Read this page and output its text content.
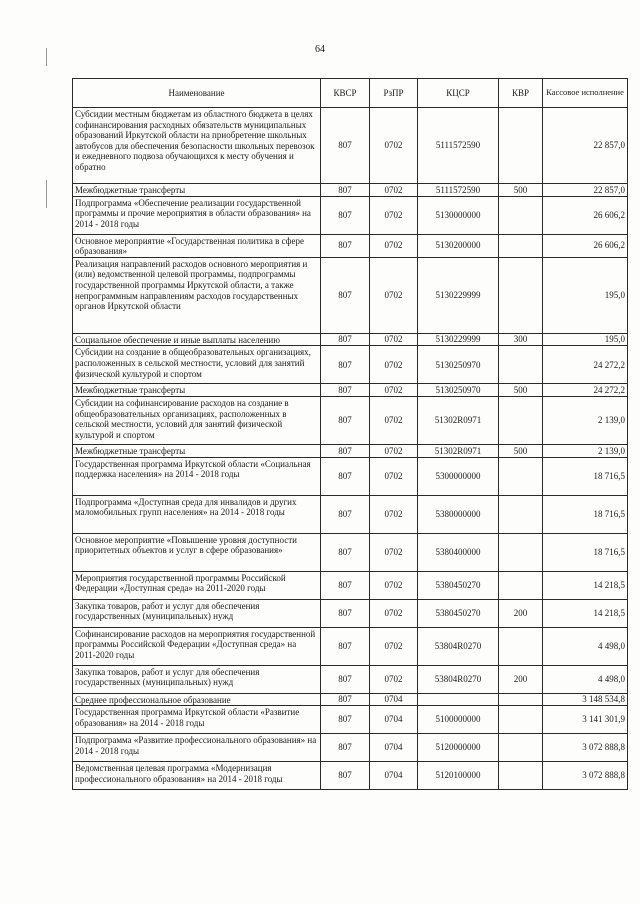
64
Наименование	КВСР	РзПР	КЦСР	КВР	Кассовое исполнение
Субсидии местным бюджетам из областного бюджета в целях софинансирования расходных обязательств муниципальных образований Иркутской области на приобретение школьных автобусов для обеспечения безопасности школьных перевозок и ежедневного подвоза обучающихся к месту обучения и обратно	807	0702	5111572590		22 857,0
Межбюджетные трансферты	807	0702	5111572590	500	22 857,0
Подпрограмма «Обеспечение реализации государственной программы и прочие мероприятия в области образования» на 2014 - 2018 годы	807	0702	5130000000		26 606,2
Основное мероприятие «Государственная политика в сфере образования»	807	0702	5130200000		26 606,2
Реализация направлений расходов основного мероприятия и (или) ведомственной целевой программы, подпрограммы государственной программы Иркутской области, а также непрограммным направлениям расходов государственных органов Иркутской области	807	0702	5130229999		195,0
Социальное обеспечение и иные выплаты населению	807	0702	5130229999	300	195,0
Субсидии на создание в общеобразовательных организациях, расположенных в сельской местности, условий для занятий физической культурой и спортом	807	0702	5130250970		24 272,2
Межбюджетные трансферты	807	0702	5130250970	500	24 272,2
Субсидии на софинансирование расходов на создание в общеобразовательных организациях, расположенных в сельской местности, условий для занятий физической культурой и спортом	807	0702	51302R0971		2 139,0
Межбюджетные трансферты	807	0702	51302R0971	500	2 139,0
Государственная программа Иркутской области «Социальная поддержка населения» на 2014 - 2018 годы	807	0702	5300000000		18 716,5
Подпрограмма «Доступная среда для инвалидов и других маломобильных групп населения» на 2014 - 2018 годы	807	0702	5380000000		18 716,5
Основное мероприятие «Повышение уровня доступности приоритетных объектов и услуг в сфере образования»	807	0702	5380400000		18 716,5
Мероприятия государственной программы Российской Федерации «Доступная среда» на 2011-2020 годы	807	0702	5380450270		14 218,5
Закупка товаров, работ и услуг для обеспечения государственных (муниципальных) нужд	807	0702	5380450270	200	14 218,5
Софинансирование расходов на мероприятия государственной программы Российской Федерации «Доступная среда» на 2011-2020 годы	807	0702	53804R0270		4 498,0
Закупка товаров, работ и услуг для обеспечения государственных (муниципальных) нужд	807	0702	53804R0270	200	4 498,0
Среднее профессиональное образование	807	0704			3 148 534,8
Государственная программа Иркутской области «Развитие образования» на 2014 - 2018 годы	807	0704	5100000000		3 141 301,9
Подпрограмма «Развитие профессионального образования» на 2014 - 2018 годы	807	0704	5120000000		3 072 888,8
Ведомственная целевая программа «Модернизация профессионального образования» на 2014 - 2018 годы	807	0704	5120100000		3 072 888,8
